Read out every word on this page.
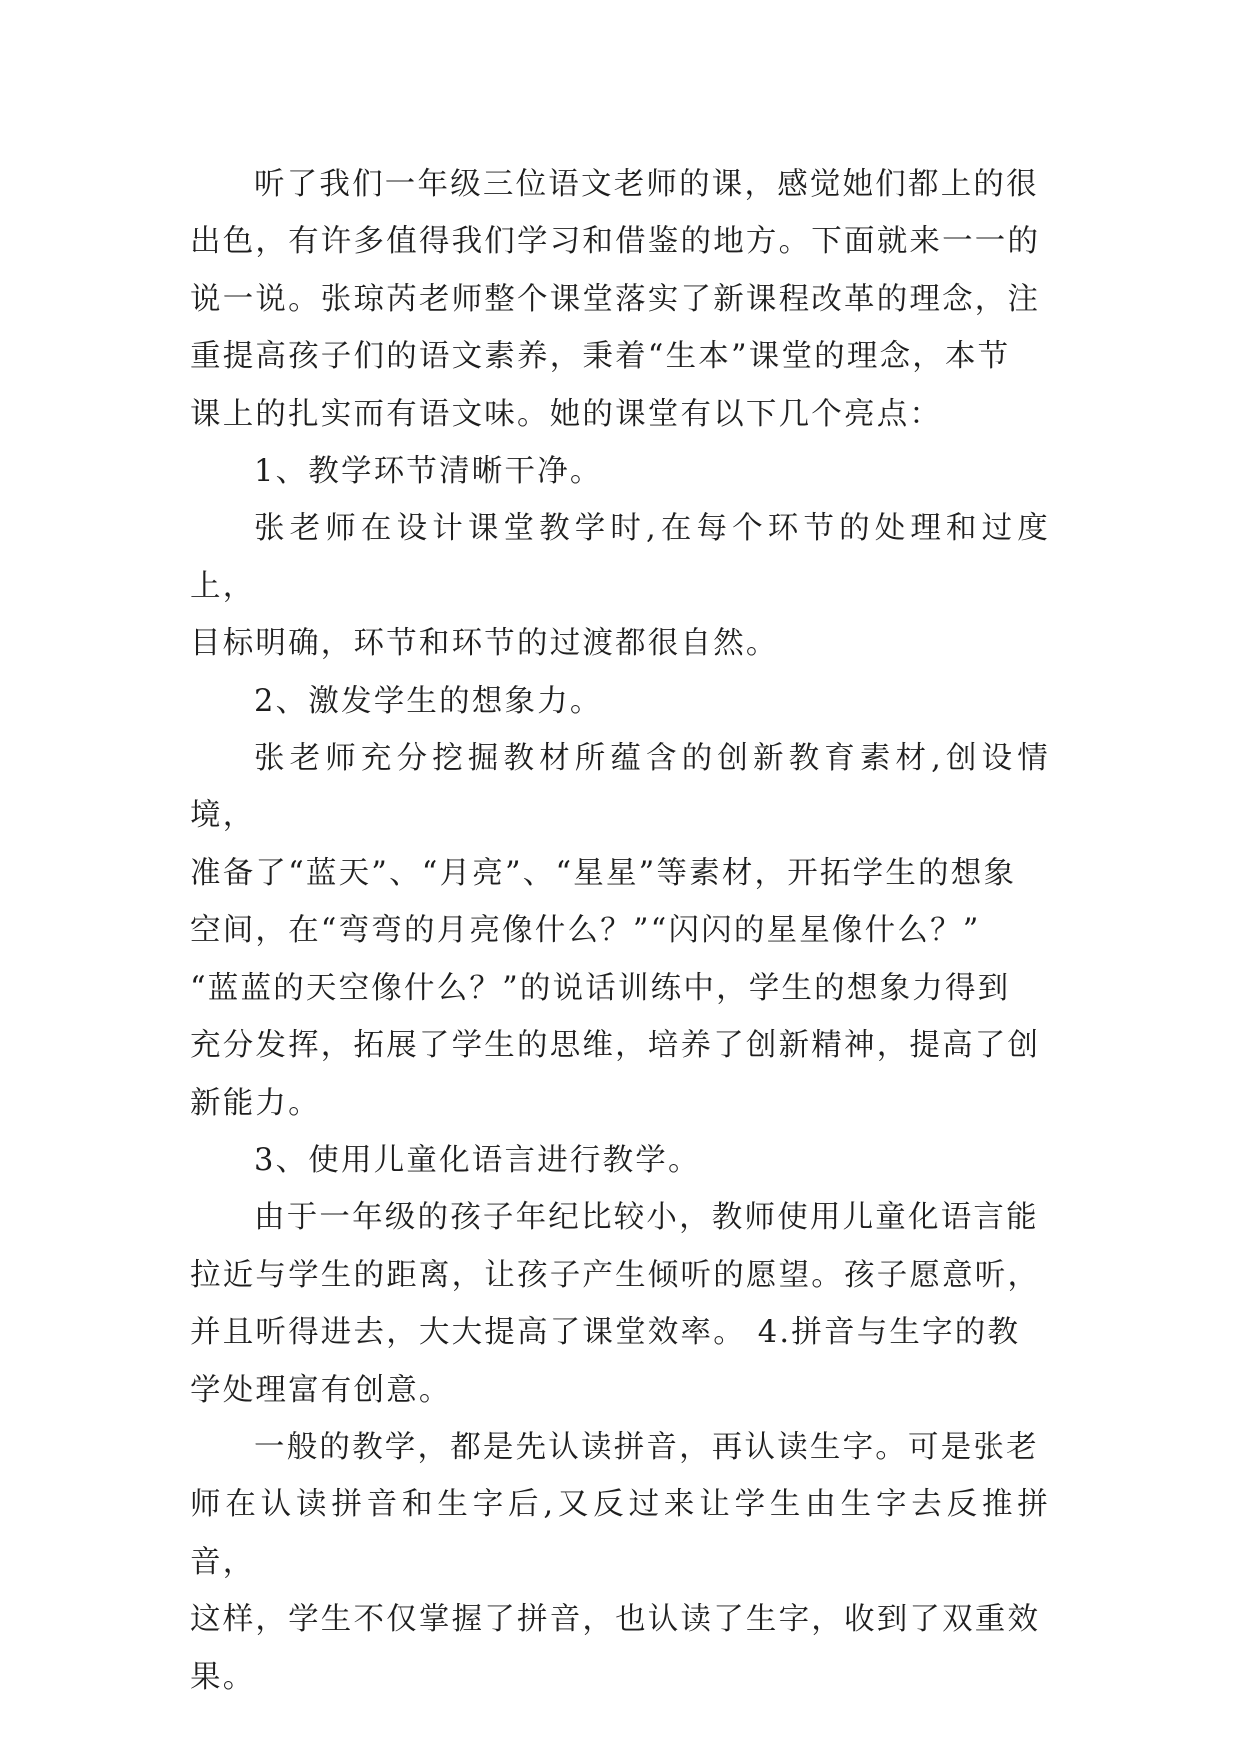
听了我们一年级三位语文老师的课，感觉她们都上的很
出色，有许多值得我们学习和借鉴的地方。下面就来一一的
说一说。张琼芮老师整个课堂落实了新课程改革的理念，注
重提高孩子们的语文素养，秉着“生本”课堂的理念，本节
课上的扎实而有语文味。她的课堂有以下几个亮点：

1、教学环节清晰干净。

张老师在设计课堂教学时,在每个环节的处理和过度上，
目标明确，环节和环节的过渡都很自然。

2、激发学生的想象力。

张老师充分挖掘教材所蕴含的创新教育素材,创设情境，
准备了“蓝天”、“月亮”、“星星”等素材，开拓学生的想象
空间，在“弯弯的月亮像什么？”“闪闪的星星像什么？”
“蓝蓝的天空像什么？”的说话训练中，学生的想象力得到
充分发挥，拓展了学生的思维，培养了创新精神，提高了创
新能力。

3、使用儿童化语言进行教学。

由于一年级的孩子年纪比较小，教师使用儿童化语言能
拉近与学生的距离，让孩子产生倾听的愿望。孩子愿意听，
并且听得进去，大大提高了课堂效率。 4.拼音与生字的教
学处理富有创意。

一般的教学，都是先认读拼音，再认读生字。可是张老
师在认读拼音和生字后,又反过来让学生由生字去反推拼音，
这样，学生不仅掌握了拼音，也认读了生字，收到了双重效
果。
